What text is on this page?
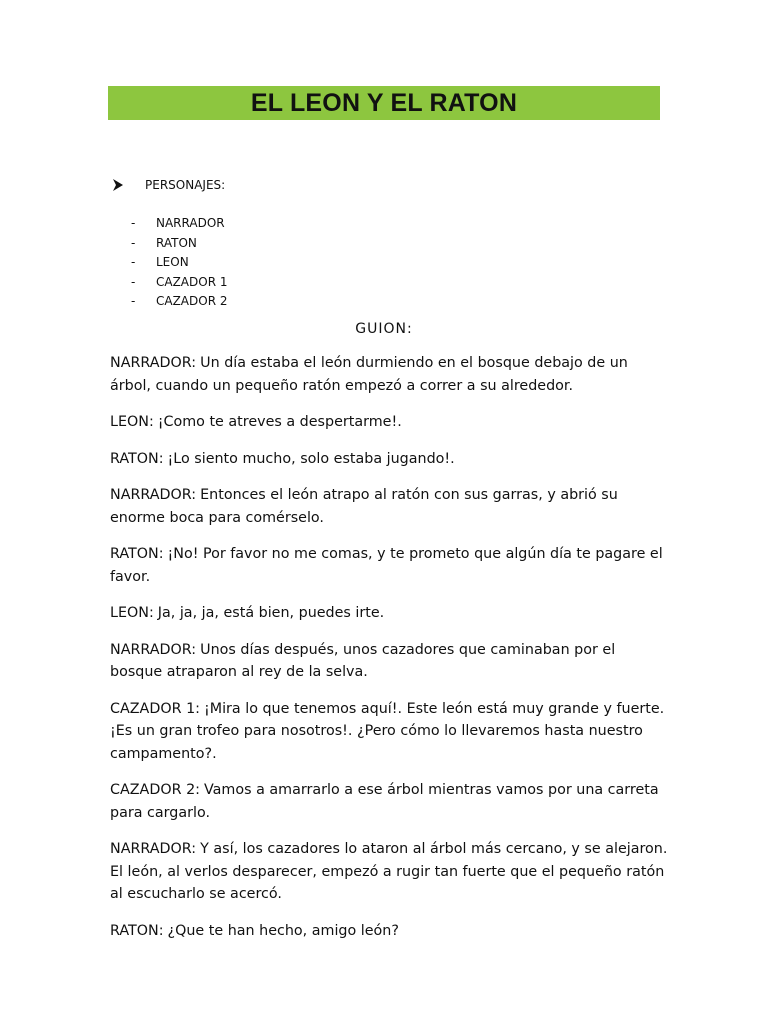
EL LEON Y EL RATON
PERSONAJES:
-	NARRADOR
-	RATON
-	LEON
-	CAZADOR 1
-	CAZADOR 2
GUION:

NARRADOR: Un día estaba el león durmiendo en el bosque debajo de un árbol, cuando un pequeño ratón empezó a correr a su alrededor.

LEON: ¡Como te atreves a despertarme!.

RATON: ¡Lo siento mucho, solo estaba jugando!.

NARRADOR: Entonces el león atrapo al ratón con sus garras, y abrió su enorme boca para comérselo.

RATON: ¡No! Por favor no me comas, y te prometo que algún día te pagare el favor.

LEON: Ja, ja, ja, está bien, puedes irte.

NARRADOR: Unos días después, unos cazadores que caminaban por el bosque atraparon al rey de la selva.

CAZADOR 1: ¡Mira lo que tenemos aquí!. Este león está muy grande y fuerte. ¡Es un gran trofeo para nosotros!. ¿Pero cómo lo llevaremos hasta nuestro campamento?.

CAZADOR 2: Vamos a amarrarlo a ese árbol mientras vamos por una carreta para cargarlo.

NARRADOR: Y así, los cazadores lo ataron al árbol más cercano, y se alejaron. El león, al verlos desparecer, empezó a rugir tan fuerte que el pequeño ratón al escucharlo se acercó.

RATON: ¿Que te han hecho, amigo león?
